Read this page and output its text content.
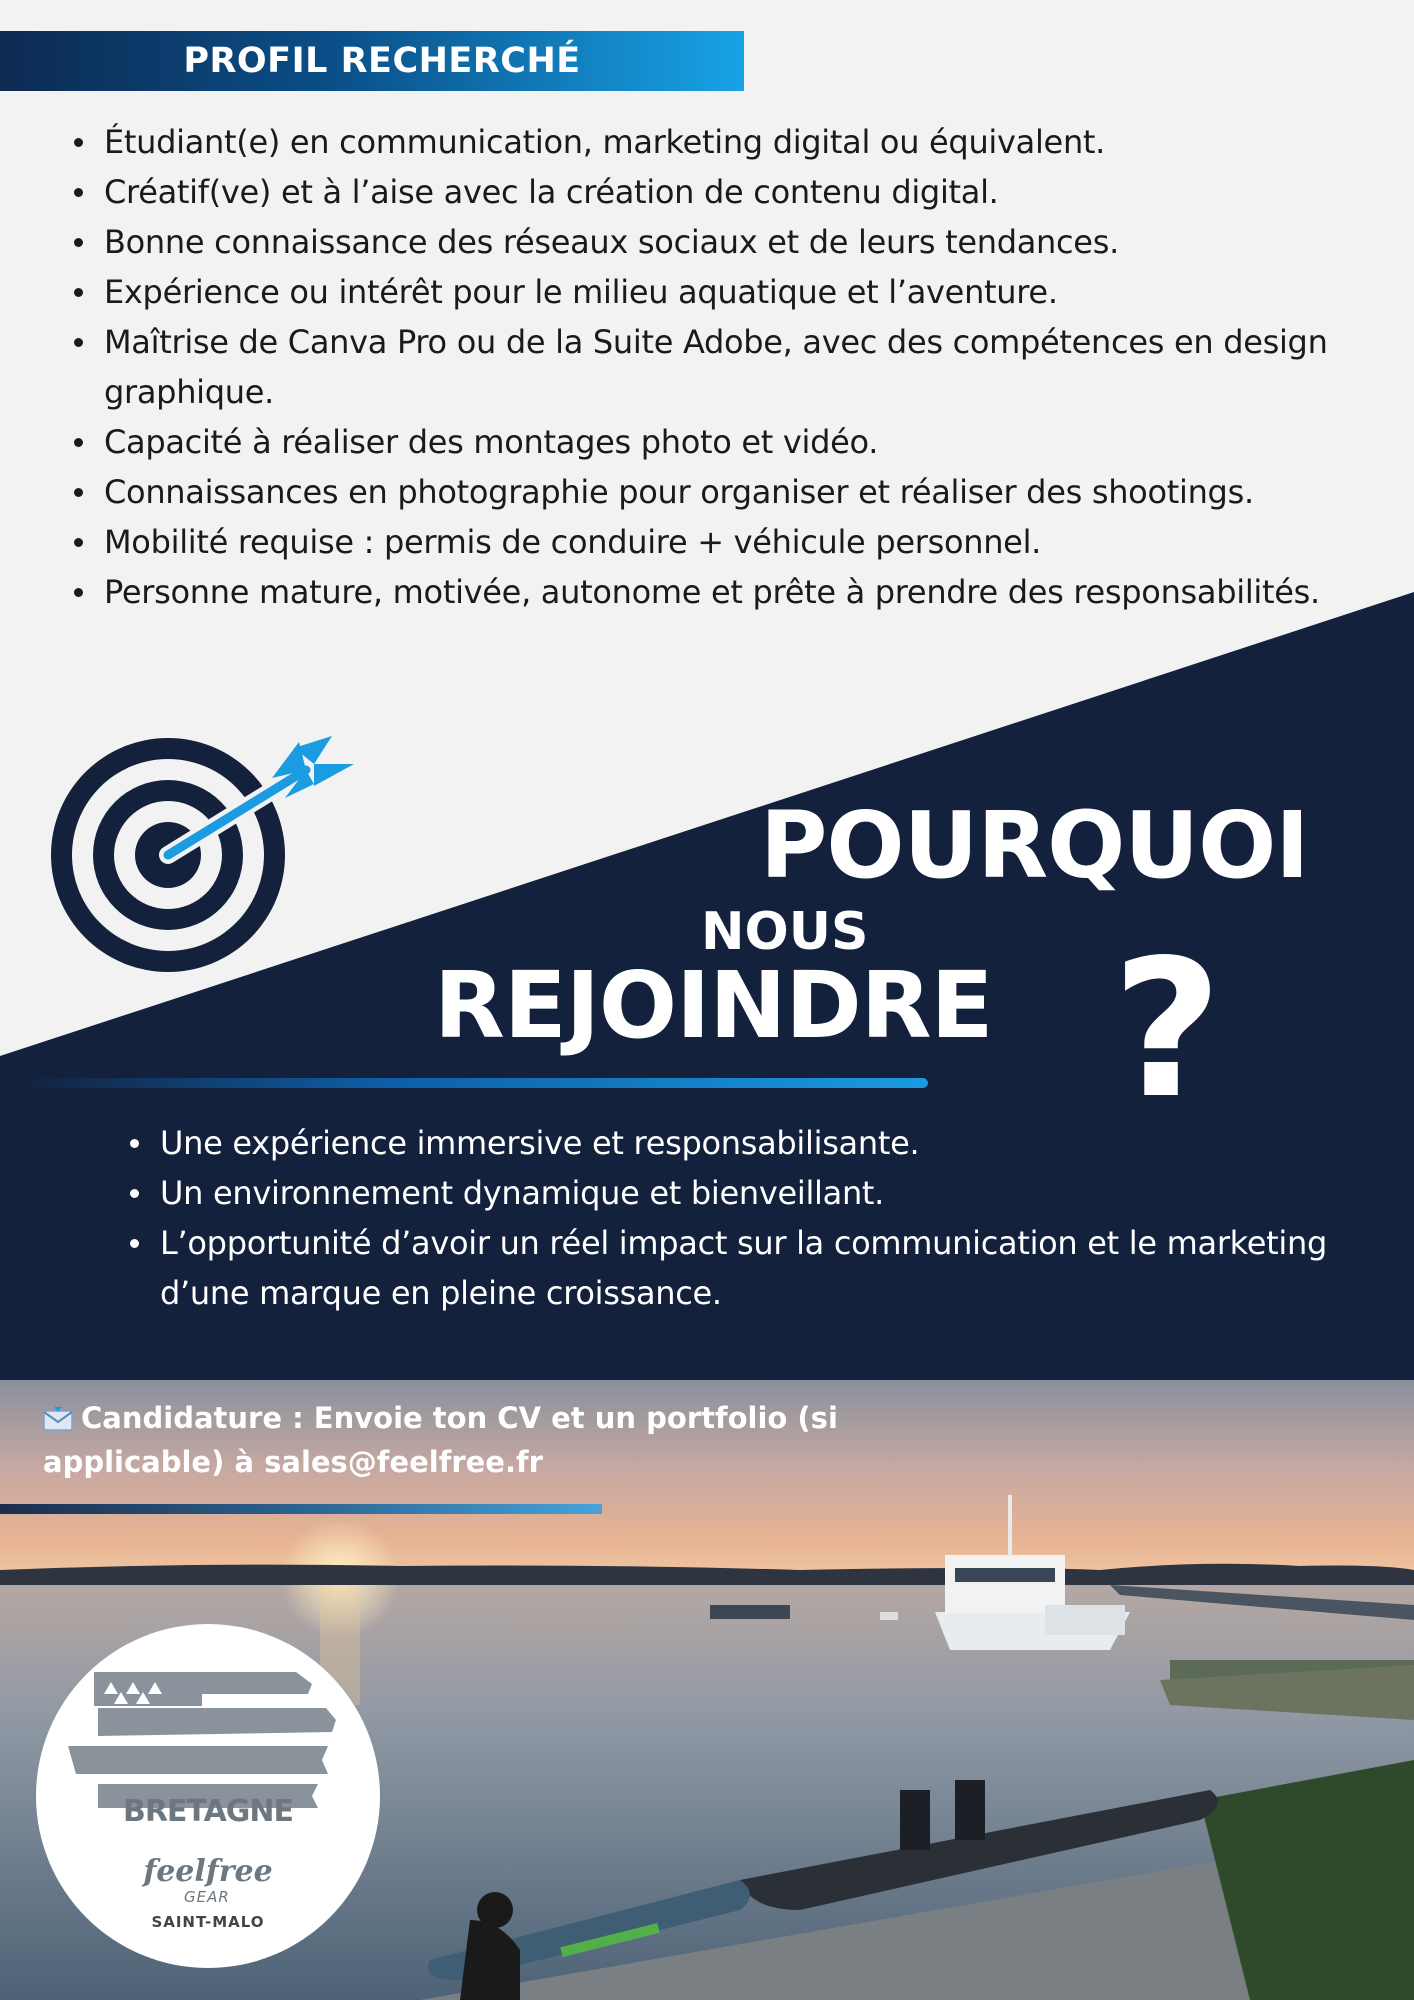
PROFIL RECHERCHÉ
Étudiant(e) en communication, marketing digital ou équivalent.
Créatif(ve) et à l’aise avec la création de contenu digital.
Bonne connaissance des réseaux sociaux et de leurs tendances.
Expérience ou intérêt pour le milieu aquatique et l’aventure.
Maîtrise de Canva Pro ou de la Suite Adobe, avec des compétences en design graphique.
Capacité à réaliser des montages photo et vidéo.
Connaissances en photographie pour organiser et réaliser des shootings.
Mobilité requise : permis de conduire + véhicule personnel.
Personne mature, motivée, autonome et prête à prendre des responsabilités.
POURQUOI
NOUS
REJOINDRE ?
Une expérience immersive et responsabilisante.
Un environnement dynamique et bienveillant.
L’opportunité d’avoir un réel impact sur la communication et le marketing d’une marque en pleine croissance.
Candidature : Envoie ton CV et un portfolio (si applicable) à sales@feelfree.fr
BRETAGNE
feelfree
GEAR
SAINT-MALO
